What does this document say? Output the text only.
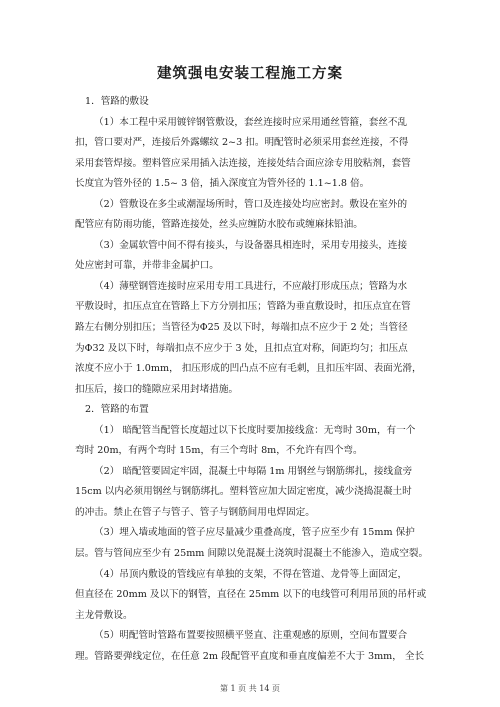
建筑强电安装工程施工方案
1．管路的敷设
（1）本工程中采用镀锌钢管敷设，套丝连接时应采用通丝管箍，套丝不乱
扣，管口要对严，连接后外露螺纹 2~3 扣。明配管时必须采用套丝连接，不得
采用套管焊接。塑料管应采用插入法连接，连接处结合面应涂专用胶粘剂，套管
长度宜为管外径的 1.5~ 3 倍，插入深度宜为管外径的 1.1~1.8 倍。
（2）管敷设在多尘或潮湿场所时，管口及连接处均应密封。敷设在室外的
配管应有防雨功能，管路连接处，丝头应缠防水胶布或缠麻抹铅油。
（3）金属软管中间不得有接头，与设备器具相连时，采用专用接头，连接
处应密封可靠，并带非金属护口。
（4）薄壁钢管连接时应采用专用工具进行，不应敲打形成压点；管路为水
平敷设时，扣压点宜在管路上下方分别扣压；管路为垂直敷设时，扣压点宜在管
路左右侧分别扣压；当管径为Φ25 及以下时，每端扣点不应少于 2 处；当管径
为Φ32 及以下时，每端扣点不应少于 3 处，且扣点宜对称，间距均匀；扣压点
浓度不应小于 1.0mm， 扣压形成的凹凸点不应有毛刺，且扣压牢固、表面光滑，
扣压后，接口的缝隙应采用封堵措施。
2．管路的布置
（1） 暗配管当配管长度超过以下长度时要加接线盒：无弯时 30m，有一个
弯时 20m，有两个弯时 15m，有三个弯时 8m，不允许有四个弯。
（2） 暗配管要固定牢固，混凝土中每隔 1m 用钢丝与钢筋绑扎，接线盒旁
15cm 以内必须用钢丝与钢筋绑扎。塑料管应加大固定密度，减少浇捣混凝土时
的冲击。禁止在管子与管子、管子与钢筋间用电焊固定。
（3）埋入墙或地面的管子应尽量减少重叠高度，管子应至少有 15mm 保护
层。管与管间应至少有 25mm 间隙以免混凝土浇筑时混凝土不能渗入，造成空裂。
（4）吊顶内敷设的管线应有单独的支架，不得在管道、龙骨等上面固定，
但直径在 20mm 及以下的钢管，直径在 25mm 以下的电线管可利用吊顶的吊杆或
主龙骨敷设。
（5）明配管时管路布置要按照横平竖直、注重观感的原则，空间布置要合
理。管路要弹线定位，在任意 2m 段配管平直度和垂直度偏差不大于 3mm， 全长
第 1 页 共 14 页
